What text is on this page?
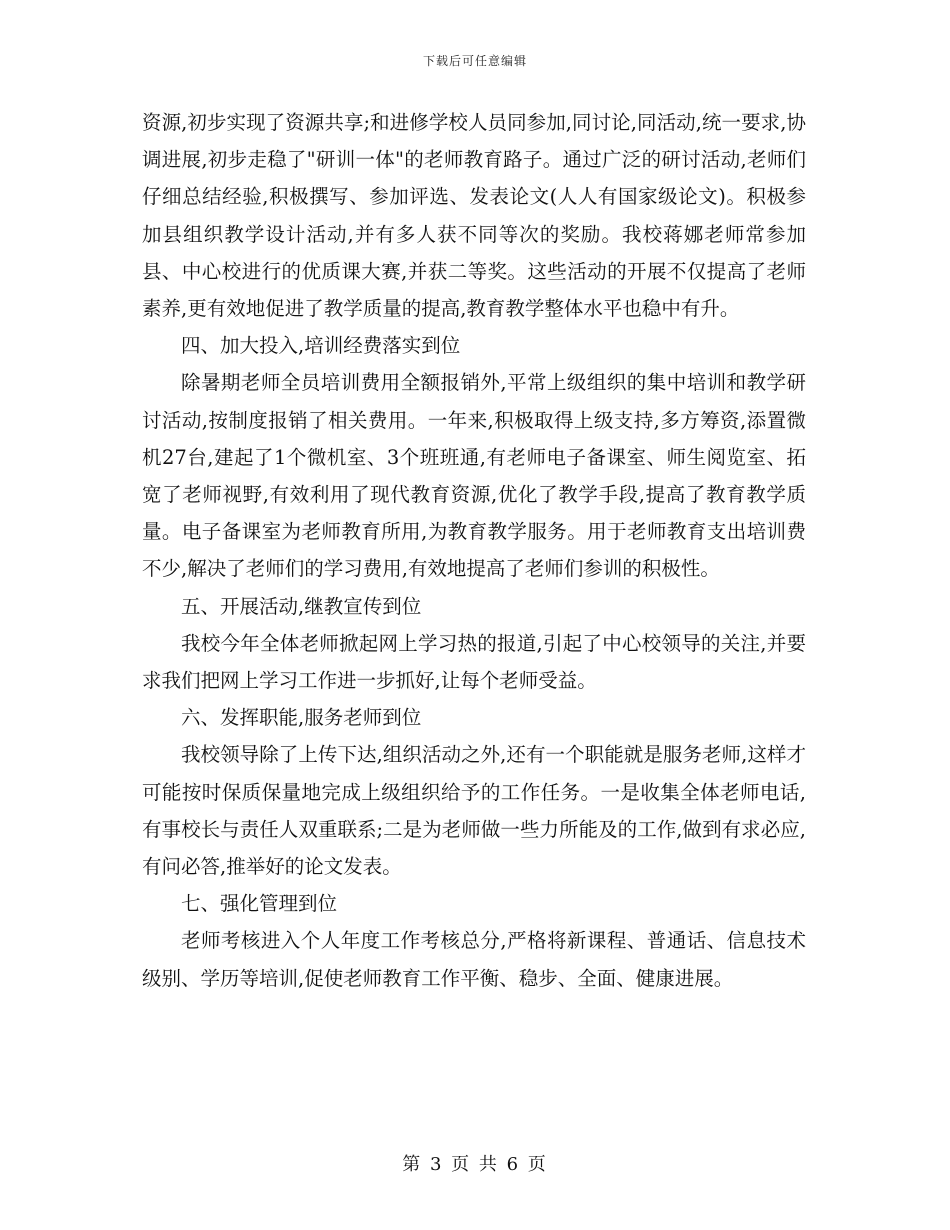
下载后可任意编辑

资源,初步实现了资源共享;和进修学校人员同参加,同讨论,同活动,统一要求,协调进展,初步走稳了"研训一体"的老师教育路子。通过广泛的研讨活动,老师们仔细总结经验,积极撰写、参加评选、发表论文(人人有国家级论文)。积极参加县组织教学设计活动,并有多人获不同等次的奖励。我校蒋娜老师常参加县、中心校进行的优质课大赛,并获二等奖。这些活动的开展不仅提高了老师素养,更有效地促进了教学质量的提高,教育教学整体水平也稳中有升。

四、加大投入,培训经费落实到位

除暑期老师全员培训费用全额报销外,平常上级组织的集中培训和教学研讨活动,按制度报销了相关费用。一年来,积极取得上级支持,多方筹资,添置微机27台,建起了1个微机室、3个班班通,有老师电子备课室、师生阅览室、拓宽了老师视野,有效利用了现代教育资源,优化了教学手段,提高了教育教学质量。电子备课室为老师教育所用,为教育教学服务。用于老师教育支出培训费不少,解决了老师们的学习费用,有效地提高了老师们参训的积极性。

五、开展活动,继教宣传到位

我校今年全体老师掀起网上学习热的报道,引起了中心校领导的关注,并要求我们把网上学习工作进一步抓好,让每个老师受益。

六、发挥职能,服务老师到位

我校领导除了上传下达,组织活动之外,还有一个职能就是服务老师,这样才可能按时保质保量地完成上级组织给予的工作任务。一是收集全体老师电话,有事校长与责任人双重联系;二是为老师做一些力所能及的工作,做到有求必应,有问必答,推举好的论文发表。

七、强化管理到位

老师考核进入个人年度工作考核总分,严格将新课程、普通话、信息技术级别、学历等培训,促使老师教育工作平衡、稳步、全面、健康进展。

第 3 页 共 6 页
